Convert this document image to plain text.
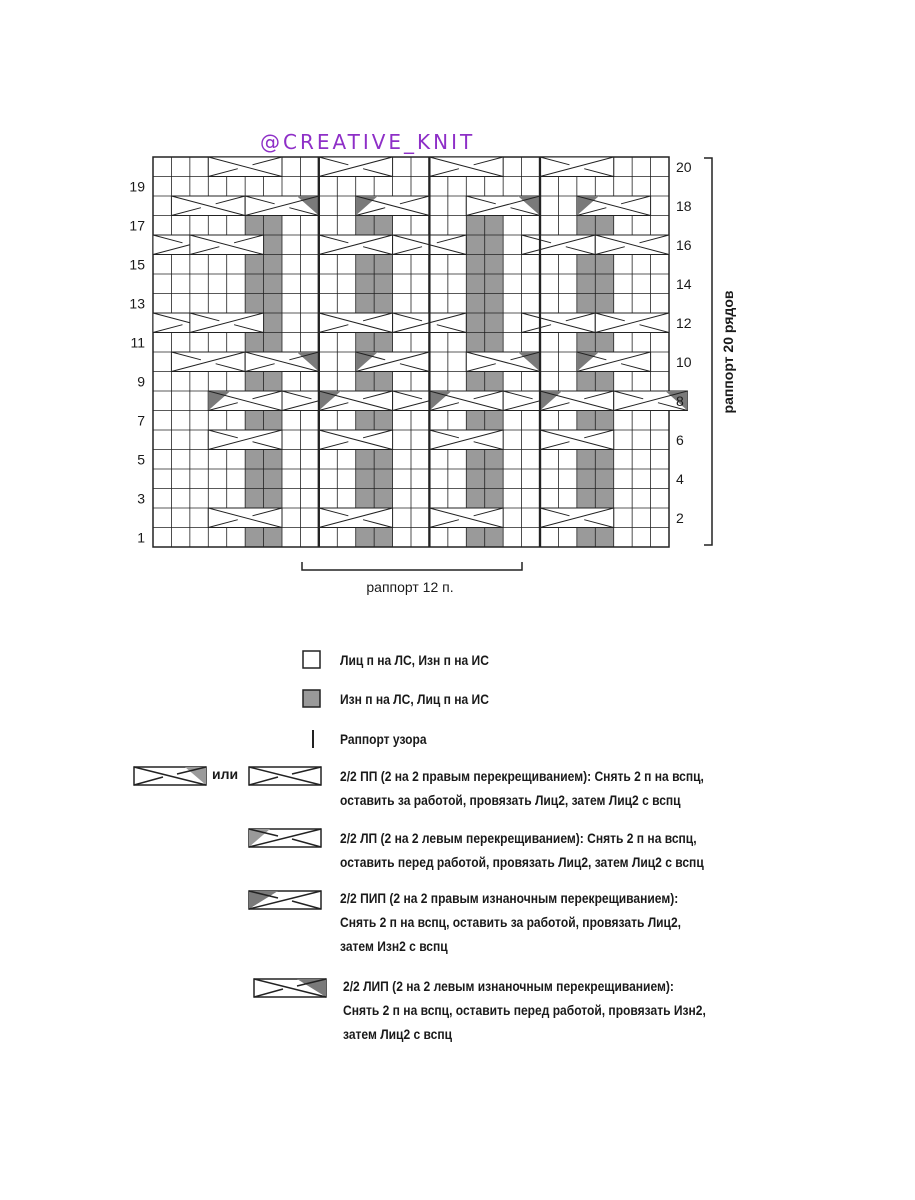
@CREATIVE_KNIT
19
17
15
13
11
9
7
5
3
1
20
18
16
14
12
10
8
6
4
2
раппорт 20 рядов
раппорт 12 п.
Лиц п на ЛС, Изн п на ИС
Изн п на ЛС, Лиц п на ИС
Раппорт узора
или	2/2 ПП (2 на 2 правым перекрещиванием): Снять 2 п на вспц,
оставить за работой, провязать Лиц2, затем Лиц2 с вспц
2/2 ЛП (2 на 2 левым перекрещиванием): Снять 2 п на вспц,
оставить перед работой, провязать Лиц2, затем Лиц2 с вспц
2/2 ПИП (2 на 2 правым изнаночным перекрещиванием):
Снять 2 п на вспц, оставить за работой, провязать Лиц2,
затем Изн2 с вспц
2/2 ЛИП (2 на 2 левым изнаночным перекрещиванием):
Снять 2 п на вспц, оставить перед работой, провязать Изн2,
затем Лиц2 с вспц
